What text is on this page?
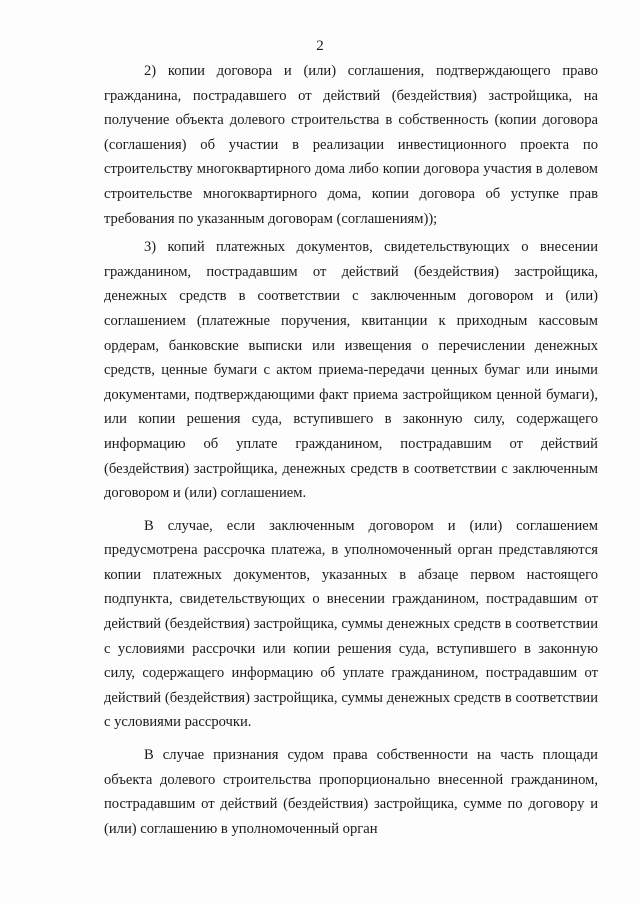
2

2) копии договора и (или) соглашения, подтверждающего право гражданина, пострадавшего от действий (бездействия) застройщика, на получение объекта долевого строительства в собственность (копии договора (соглашения) об участии в реализации инвестиционного проекта по строительству многоквартирного дома либо копии договора участия в долевом строительстве многоквартирного дома, копии договора об уступке прав требования по указанным договорам (соглашениям));

3) копий платежных документов, свидетельствующих о внесении гражданином, пострадавшим от действий (бездействия) застройщика, денежных средств в соответствии с заключенным договором и (или) соглашением (платежные поручения, квитанции к приходным кассовым ордерам, банковские выписки или извещения о перечислении денежных средств, ценные бумаги с актом приема-передачи ценных бумаг или иными документами, подтверждающими факт приема застройщиком ценной бумаги), или копии решения суда, вступившего в законную силу, содержащего информацию об уплате гражданином, пострадавшим от действий (бездействия) застройщика, денежных средств в соответствии с заключенным договором и (или) соглашением.

В случае, если заключенным договором и (или) соглашением предусмотрена рассрочка платежа, в уполномоченный орган представляются копии платежных документов, указанных в абзаце первом настоящего подпункта, свидетельствующих о внесении гражданином, пострадавшим от действий (бездействия) застройщика, суммы денежных средств в соответствии с условиями рассрочки или копии решения суда, вступившего в законную силу, содержащего информацию об уплате гражданином, пострадавшим от действий (бездействия) застройщика, суммы денежных средств в соответствии с условиями рассрочки.

В случае признания судом права собственности на часть площади объекта долевого строительства пропорционально внесенной гражданином, пострадавшим от действий (бездействия) застройщика, сумме по договору и (или) соглашению в уполномоченный орган
